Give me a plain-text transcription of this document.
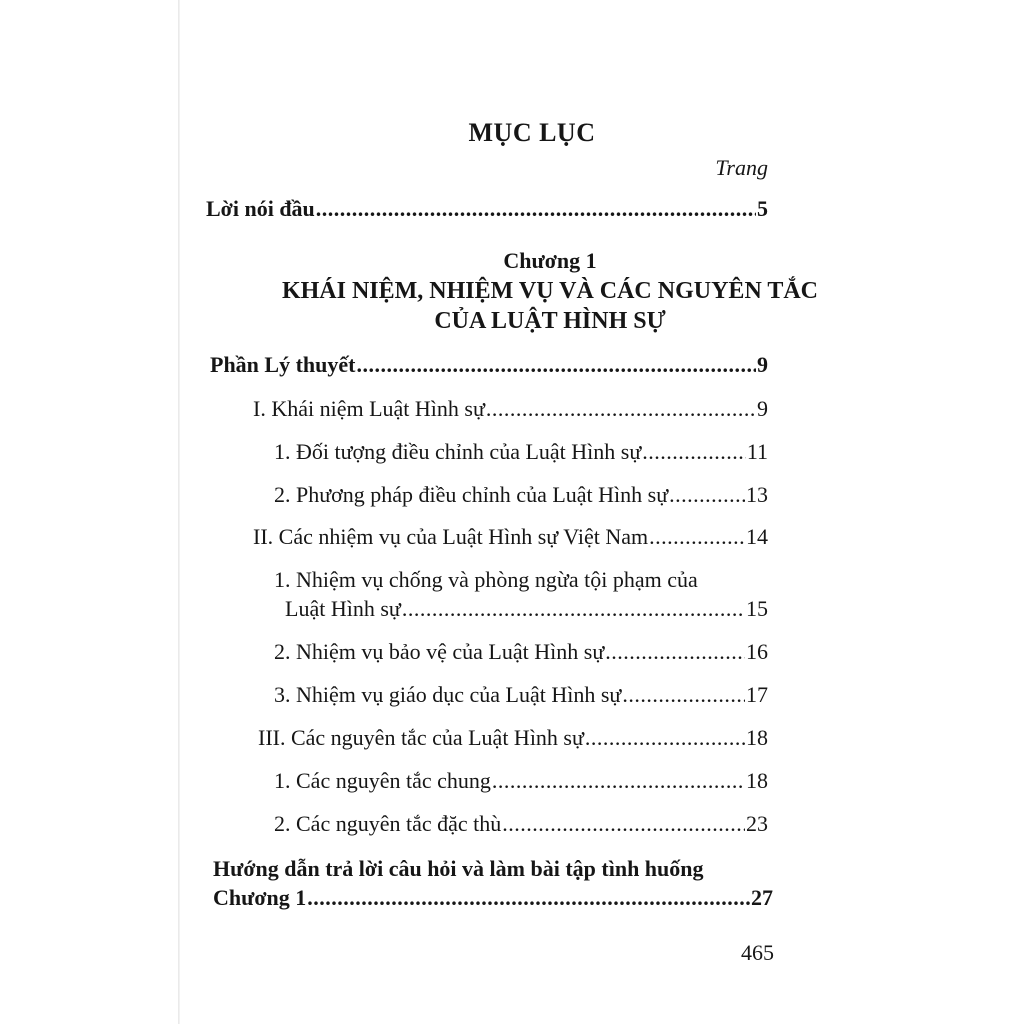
MỤC LỤC
Trang
Lời nói đầu .....	5
Chương 1
KHÁI NIỆM, NHIỆM VỤ VÀ CÁC NGUYÊN TẮC
CỦA LUẬT HÌNH SỰ
Phần Lý thuyết .....	9
I. Khái niệm Luật Hình sự .....	9
1. Đối tượng điều chỉnh của Luật Hình sự .....	11
2. Phương pháp điều chỉnh của Luật Hình sự .....	13
II. Các nhiệm vụ của Luật Hình sự Việt Nam .....	14
1. Nhiệm vụ chống và phòng ngừa tội phạm của
Luật Hình sự .....	15
2. Nhiệm vụ bảo vệ của Luật Hình sự .....	16
3. Nhiệm vụ giáo dục của Luật Hình sự .....	17
III. Các nguyên tắc của Luật Hình sự .....	18
1. Các nguyên tắc chung .....	18
2. Các nguyên tắc đặc thù .....	23
Hướng dẫn trả lời câu hỏi và làm bài tập tình huống
Chương 1 .....	27
465
